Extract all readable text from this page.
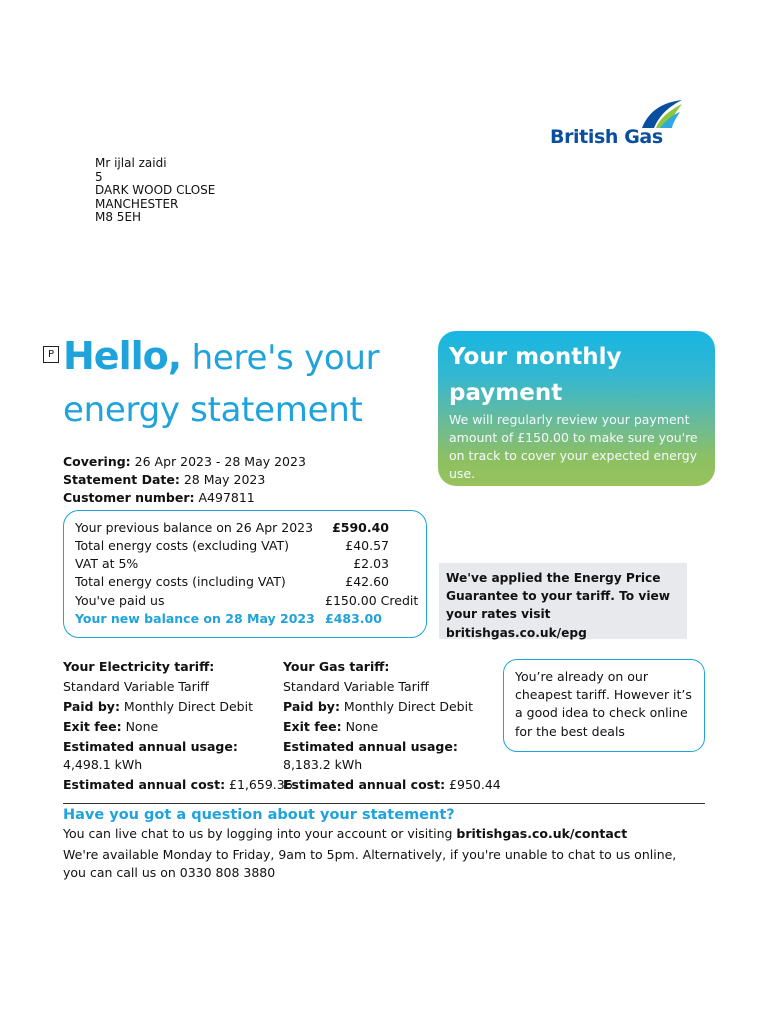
British Gas
Mr ijlal zaidi
5
DARK WOOD CLOSE
MANCHESTER
M8 5EH
P Hello, here's your
energy statement
Covering: 26 Apr 2023 - 28 May 2023
Statement Date: 28 May 2023
Customer number: A497811
Your previous balance on 26 Apr 2023	£590.40
Total energy costs (excluding VAT)	£40.57
VAT at 5%	£2.03
Total energy costs (including VAT)	£42.60
You've paid us	£150.00 Credit
Your new balance on 28 May 2023 £483.00
Your monthly payment
We will regularly review your payment amount of £150.00 to make sure you're on track to cover your expected energy use.
We've applied the Energy Price Guarantee to your tariff. To view your rates visit britishgas.co.uk/epg
Your Electricity tariff:
Standard Variable Tariff
Paid by: Monthly Direct Debit
Exit fee: None
Estimated annual usage: 4,498.1 kWh
Estimated annual cost: £1,659.36
Your Gas tariff:
Standard Variable Tariff
Paid by: Monthly Direct Debit
Exit fee: None
Estimated annual usage: 8,183.2 kWh
Estimated annual cost: £950.44
You’re already on our cheapest tariff. However it’s a good idea to check online for the best deals
Have you got a question about your statement?
You can live chat to us by logging into your account or visiting britishgas.co.uk/contact
We're available Monday to Friday, 9am to 5pm. Alternatively, if you're unable to chat to us online, you can call us on 0330 808 3880
